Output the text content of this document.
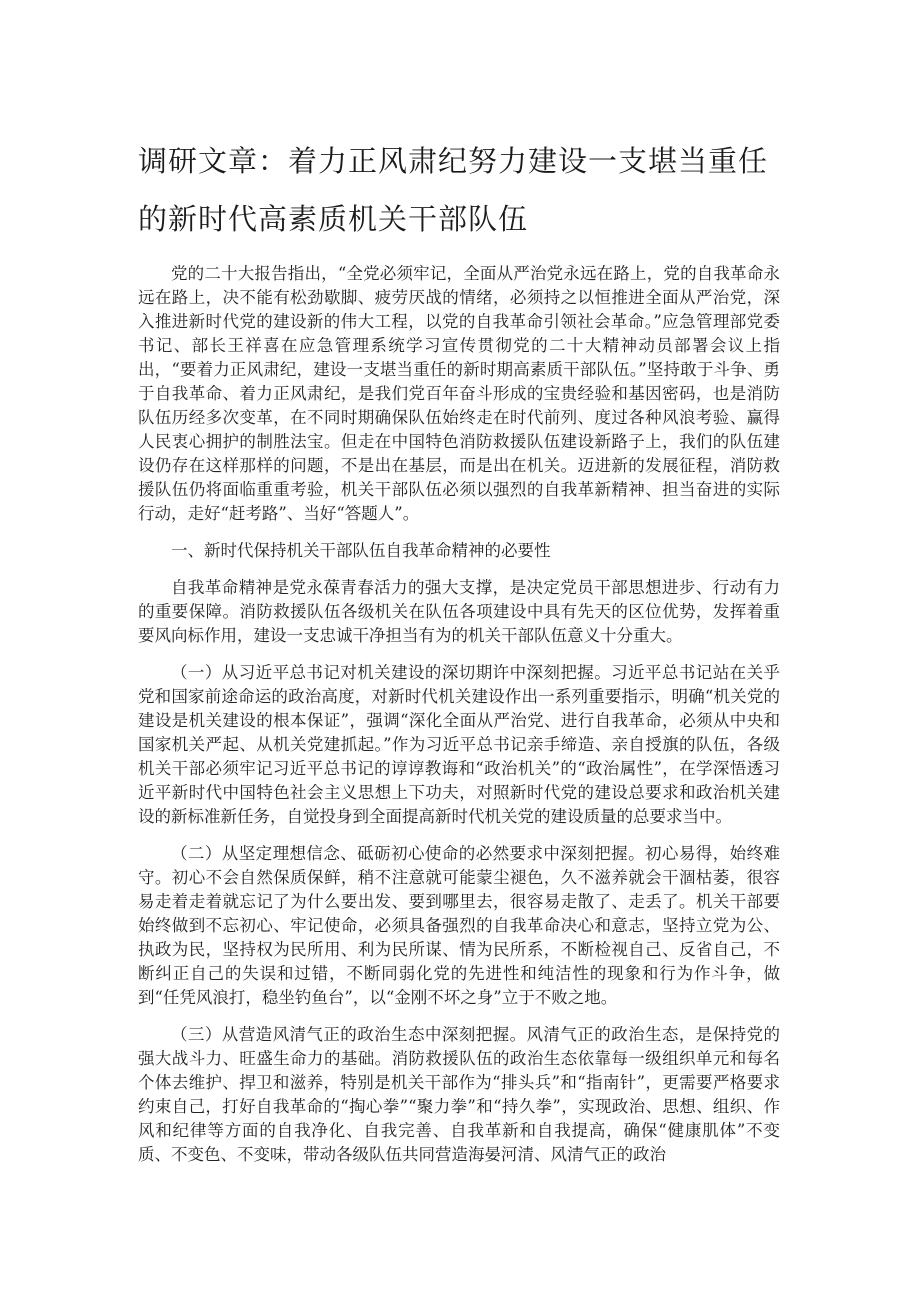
调研文章：着力正风肃纪努力建设一支堪当重任的新时代高素质机关干部队伍

党的二十大报告指出，“全党必须牢记，全面从严治党永远在路上，党的自我革命永远在路上，决不能有松劲歇脚、疲劳厌战的情绪，必须持之以恒推进全面从严治党，深入推进新时代党的建设新的伟大工程，以党的自我革命引领社会革命。”应急管理部党委书记、部长王祥喜在应急管理系统学习宣传贯彻党的二十大精神动员部署会议上指出，“要着力正风肃纪，建设一支堪当重任的新时期高素质干部队伍。”坚持敢于斗争、勇于自我革命、着力正风肃纪，是我们党百年奋斗形成的宝贵经验和基因密码，也是消防队伍历经多次变革，在不同时期确保队伍始终走在时代前列、度过各种风浪考验、赢得人民衷心拥护的制胜法宝。但走在中国特色消防救援队伍建设新路子上，我们的队伍建设仍存在这样那样的问题，不是出在基层，而是出在机关。迈进新的发展征程，消防救援队伍仍将面临重重考验，机关干部队伍必须以强烈的自我革新精神、担当奋进的实际行动，走好“赶考路”、当好“答题人”。

一、新时代保持机关干部队伍自我革命精神的必要性

自我革命精神是党永葆青春活力的强大支撑，是决定党员干部思想进步、行动有力的重要保障。消防救援队伍各级机关在队伍各项建设中具有先天的区位优势，发挥着重要风向标作用，建设一支忠诚干净担当有为的机关干部队伍意义十分重大。

（一）从习近平总书记对机关建设的深切期许中深刻把握。习近平总书记站在关乎党和国家前途命运的政治高度，对新时代机关建设作出一系列重要指示，明确“机关党的建设是机关建设的根本保证”，强调“深化全面从严治党、进行自我革命，必须从中央和国家机关严起、从机关党建抓起。”作为习近平总书记亲手缔造、亲自授旗的队伍，各级机关干部必须牢记习近平总书记的谆谆教诲和“政治机关”的“政治属性”，在学深悟透习近平新时代中国特色社会主义思想上下功夫，对照新时代党的建设总要求和政治机关建设的新标准新任务，自觉投身到全面提高新时代机关党的建设质量的总要求当中。

（二）从坚定理想信念、砥砺初心使命的必然要求中深刻把握。初心易得，始终难守。初心不会自然保质保鲜，稍不注意就可能蒙尘褪色，久不滋养就会干涸枯萎，很容易走着走着就忘记了为什么要出发、要到哪里去，很容易走散了、走丢了。机关干部要始终做到不忘初心、牢记使命，必须具备强烈的自我革命决心和意志，坚持立党为公、执政为民，坚持权为民所用、利为民所谋、情为民所系，不断检视自己、反省自己，不断纠正自己的失误和过错，不断同弱化党的先进性和纯洁性的现象和行为作斗争，做到“任凭风浪打，稳坐钓鱼台”，以“金刚不坏之身”立于不败之地。

（三）从营造风清气正的政治生态中深刻把握。风清气正的政治生态，是保持党的强大战斗力、旺盛生命力的基础。消防救援队伍的政治生态依靠每一级组织单元和每名个体去维护、捍卫和滋养，特别是机关干部作为“排头兵”和“指南针”，更需要严格要求约束自己，打好自我革命的“掏心拳”“聚力拳”和“持久拳”，实现政治、思想、组织、作风和纪律等方面的自我净化、自我完善、自我革新和自我提高，确保“健康肌体”不变质、不变色、不变味，带动各级队伍共同营造海晏河清、风清气正的政治
